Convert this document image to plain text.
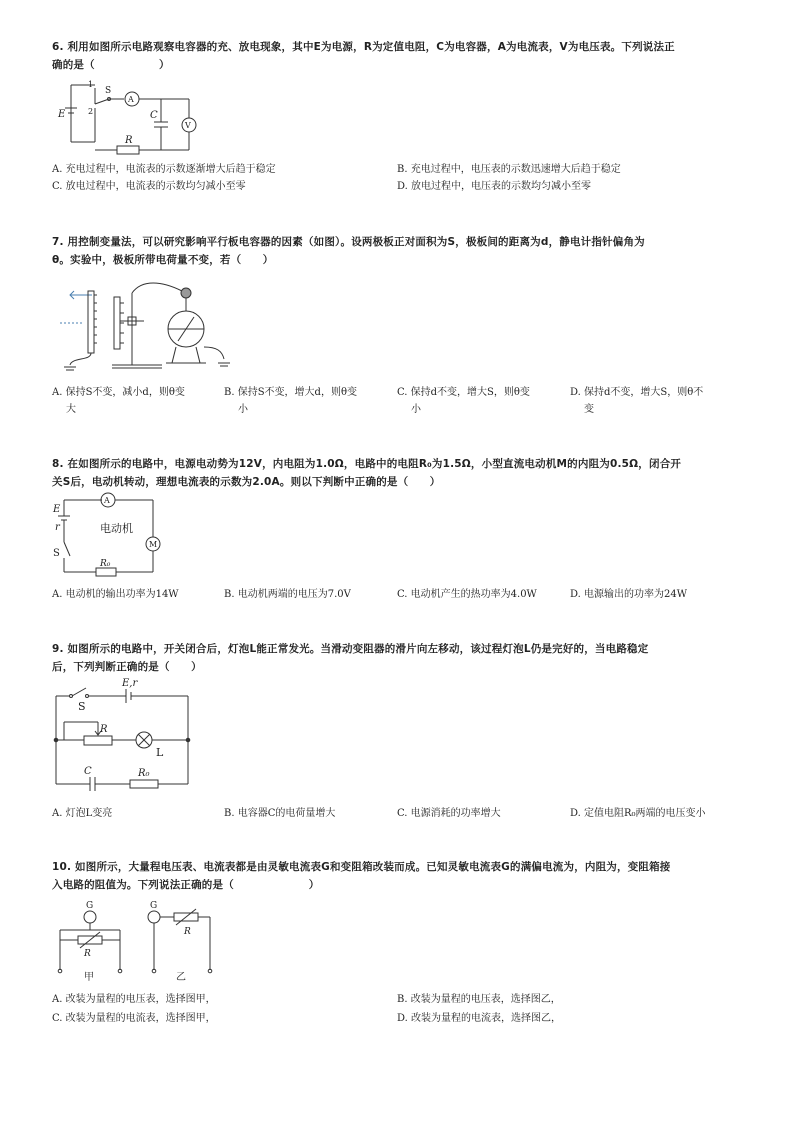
6. 利用如图所示电路观察电容器的充、放电现象，其中E为电源，R为定值电阻，C为电容器，A为电流表，V为电压表。下列说法正
确的是（　　　　　　）
E
1
2
S
A
C
V
R
A. 充电过程中，电流表的示数逐渐增大后趋于稳定	B. 充电过程中，电压表的示数迅速增大后趋于稳定
C. 放电过程中，电流表的示数均匀减小至零	D. 放电过程中，电压表的示数均匀减小至零
7. 用控制变量法，可以研究影响平行板电容器的因素（如图）。设两极板正对面积为S，极板间的距离为d，静电计指针偏角为
θ。实验中，极板所带电荷量不变，若（　　）
A. 保持S不变，减小d，则θ变
大
B. 保持S不变，增大d，则θ变
小
C. 保持d不变，增大S，则θ变
小
D. 保持d不变，增大S，则θ不
变
8. 在如图所示的电路中，电源电动势为12V，内电阻为1.0Ω，电路中的电阻R₀为1.5Ω，小型直流电动机M的内阻为0.5Ω，闭合开
关S后，电动机转动，理想电流表的示数为2.0A。则以下判断中正确的是（　　）
E
r
A
电动机
M
S
R₀
A. 电动机的输出功率为14W	B. 电动机两端的电压为7.0V	C. 电动机产生的热功率为4.0W	D. 电源输出的功率为24W
9. 如图所示的电路中，开关闭合后，灯泡L能正常发光。当滑动变阻器的滑片向左移动，该过程灯泡L仍是完好的，当电路稳定
后，下列判断正确的是（　　）
E,r
S
R
L
C	R₀
A. 灯泡L变亮	B. 电容器C的电荷量增大	C. 电源消耗的功率增大	D. 定值电阻R₀两端的电压变小
10. 如图所示，大量程电压表、电流表都是由灵敏电流表G和变阻箱改装而成。已知灵敏电流表G的满偏电流为，内阻为，变阻箱接
入电路的阻值为。下列说法正确的是（　　　　　　　）
G
R
甲
G
R
乙
A. 改装为量程的电压表，选择图甲，	B. 改装为量程的电压表，选择图乙，
C. 改装为量程的电流表，选择图甲，	D. 改装为量程的电流表，选择图乙，
